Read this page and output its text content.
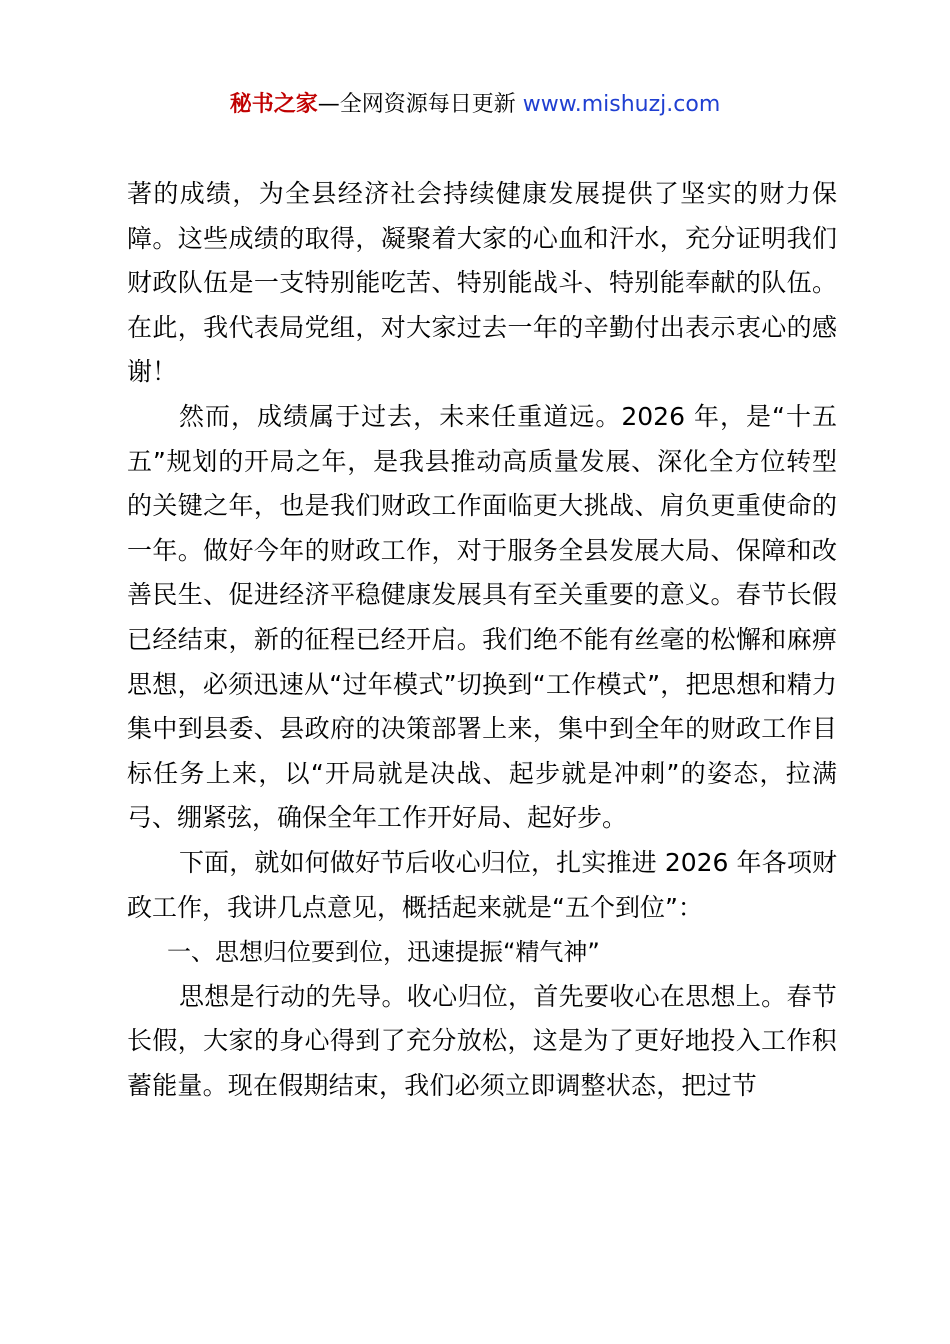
秘书之家—全网资源每日更新 www.mishuzj.com

著的成绩，为全县经济社会持续健康发展提供了坚实的财力保障。这些成绩的取得，凝聚着大家的心血和汗水，充分证明我们财政队伍是一支特别能吃苦、特别能战斗、特别能奉献的队伍。在此，我代表局党组，对大家过去一年的辛勤付出表示衷心的感谢！

然而，成绩属于过去，未来任重道远。2026 年，是“十五五”规划的开局之年，是我县推动高质量发展、深化全方位转型的关键之年，也是我们财政工作面临更大挑战、肩负更重使命的一年。做好今年的财政工作，对于服务全县发展大局、保障和改善民生、促进经济平稳健康发展具有至关重要的意义。春节长假已经结束，新的征程已经开启。我们绝不能有丝毫的松懈和麻痹思想，必须迅速从“过年模式”切换到“工作模式”，把思想和精力集中到县委、县政府的决策部署上来，集中到全年的财政工作目标任务上来，以“开局就是决战、起步就是冲刺”的姿态，拉满弓、绷紧弦，确保全年工作开好局、起好步。

下面，就如何做好节后收心归位，扎实推进 2026 年各项财政工作，我讲几点意见，概括起来就是“五个到位”：

一、思想归位要到位，迅速提振“精气神”

思想是行动的先导。收心归位，首先要收心在思想上。春节长假，大家的身心得到了充分放松，这是为了更好地投入工作积蓄能量。现在假期结束，我们必须立即调整状态，把过节
